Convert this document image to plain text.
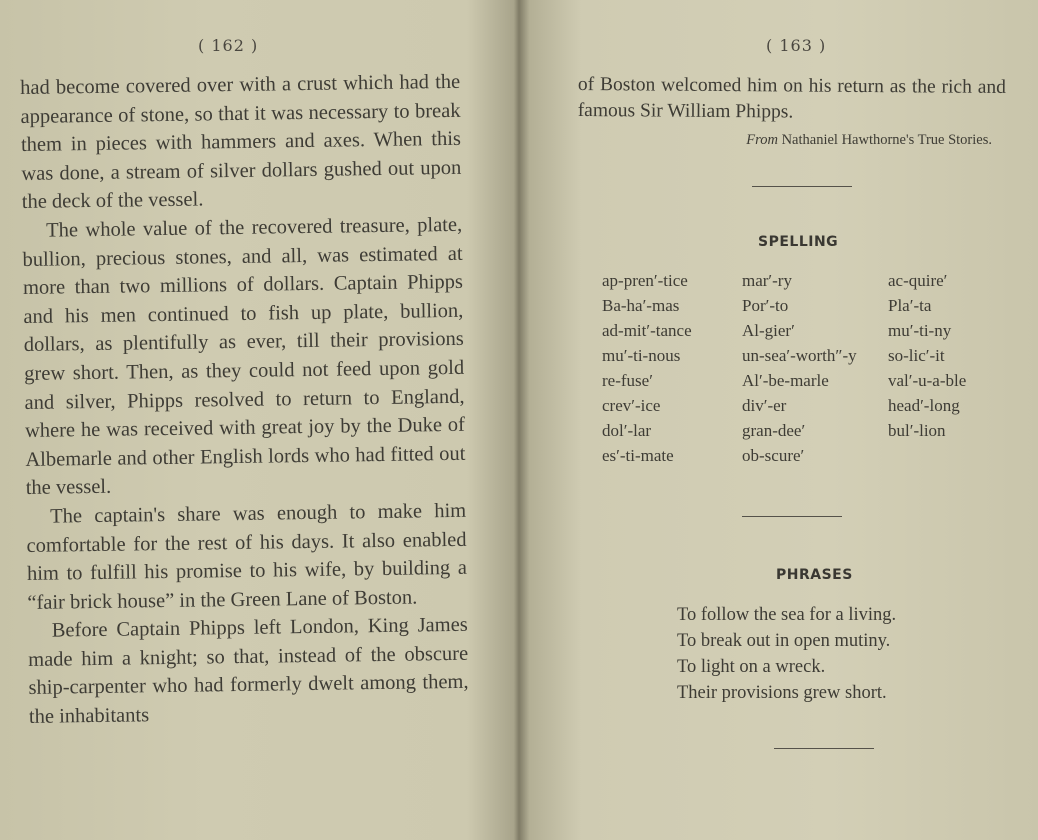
( 162 )

had become covered over with a crust which had the appearance of stone, so that it was necessary to break them in pieces with hammers and axes. When this was done, a stream of silver dollars gushed out upon the deck of the vessel.

The whole value of the recovered treasure, plate, bullion, precious stones, and all, was estimated at more than two millions of dollars. Captain Phipps and his men continued to fish up plate, bullion, dollars, as plentifully as ever, till their provisions grew short. Then, as they could not feed upon gold and silver, Phipps resolved to return to England, where he was received with great joy by the Duke of Albemarle and other English lords who had fitted out the vessel.

The captain's share was enough to make him comfortable for the rest of his days. It also enabled him to fulfill his promise to his wife, by building a “fair brick house” in the Green Lane of Boston.

Before Captain Phipps left London, King James made him a knight; so that, instead of the obscure ship-carpenter who had formerly dwelt among them, the inhabitants

( 163 )

of Boston welcomed him on his return as the rich and famous Sir William Phipps.

From Nathaniel Hawthorne's True Stories.
SPELLING
ap-pren′-tice
Ba-ha′-mas
ad-mit′-tance
mu′-ti-nous
re-fuse′
crev′-ice
dol′-lar
es′-ti-mate
mar′-ry
Por′-to
Al-gier′
un-sea′-worth″-y
Al′-be-marle
div′-er
gran-dee′
ob-scure′
ac-quire′
Pla′-ta
mu′-ti-ny
so-lic′-it
val′-u-a-ble
head′-long
bul′-lion
PHRASES
To follow the sea for a living.
To break out in open mutiny.
To light on a wreck.
Their provisions grew short.
